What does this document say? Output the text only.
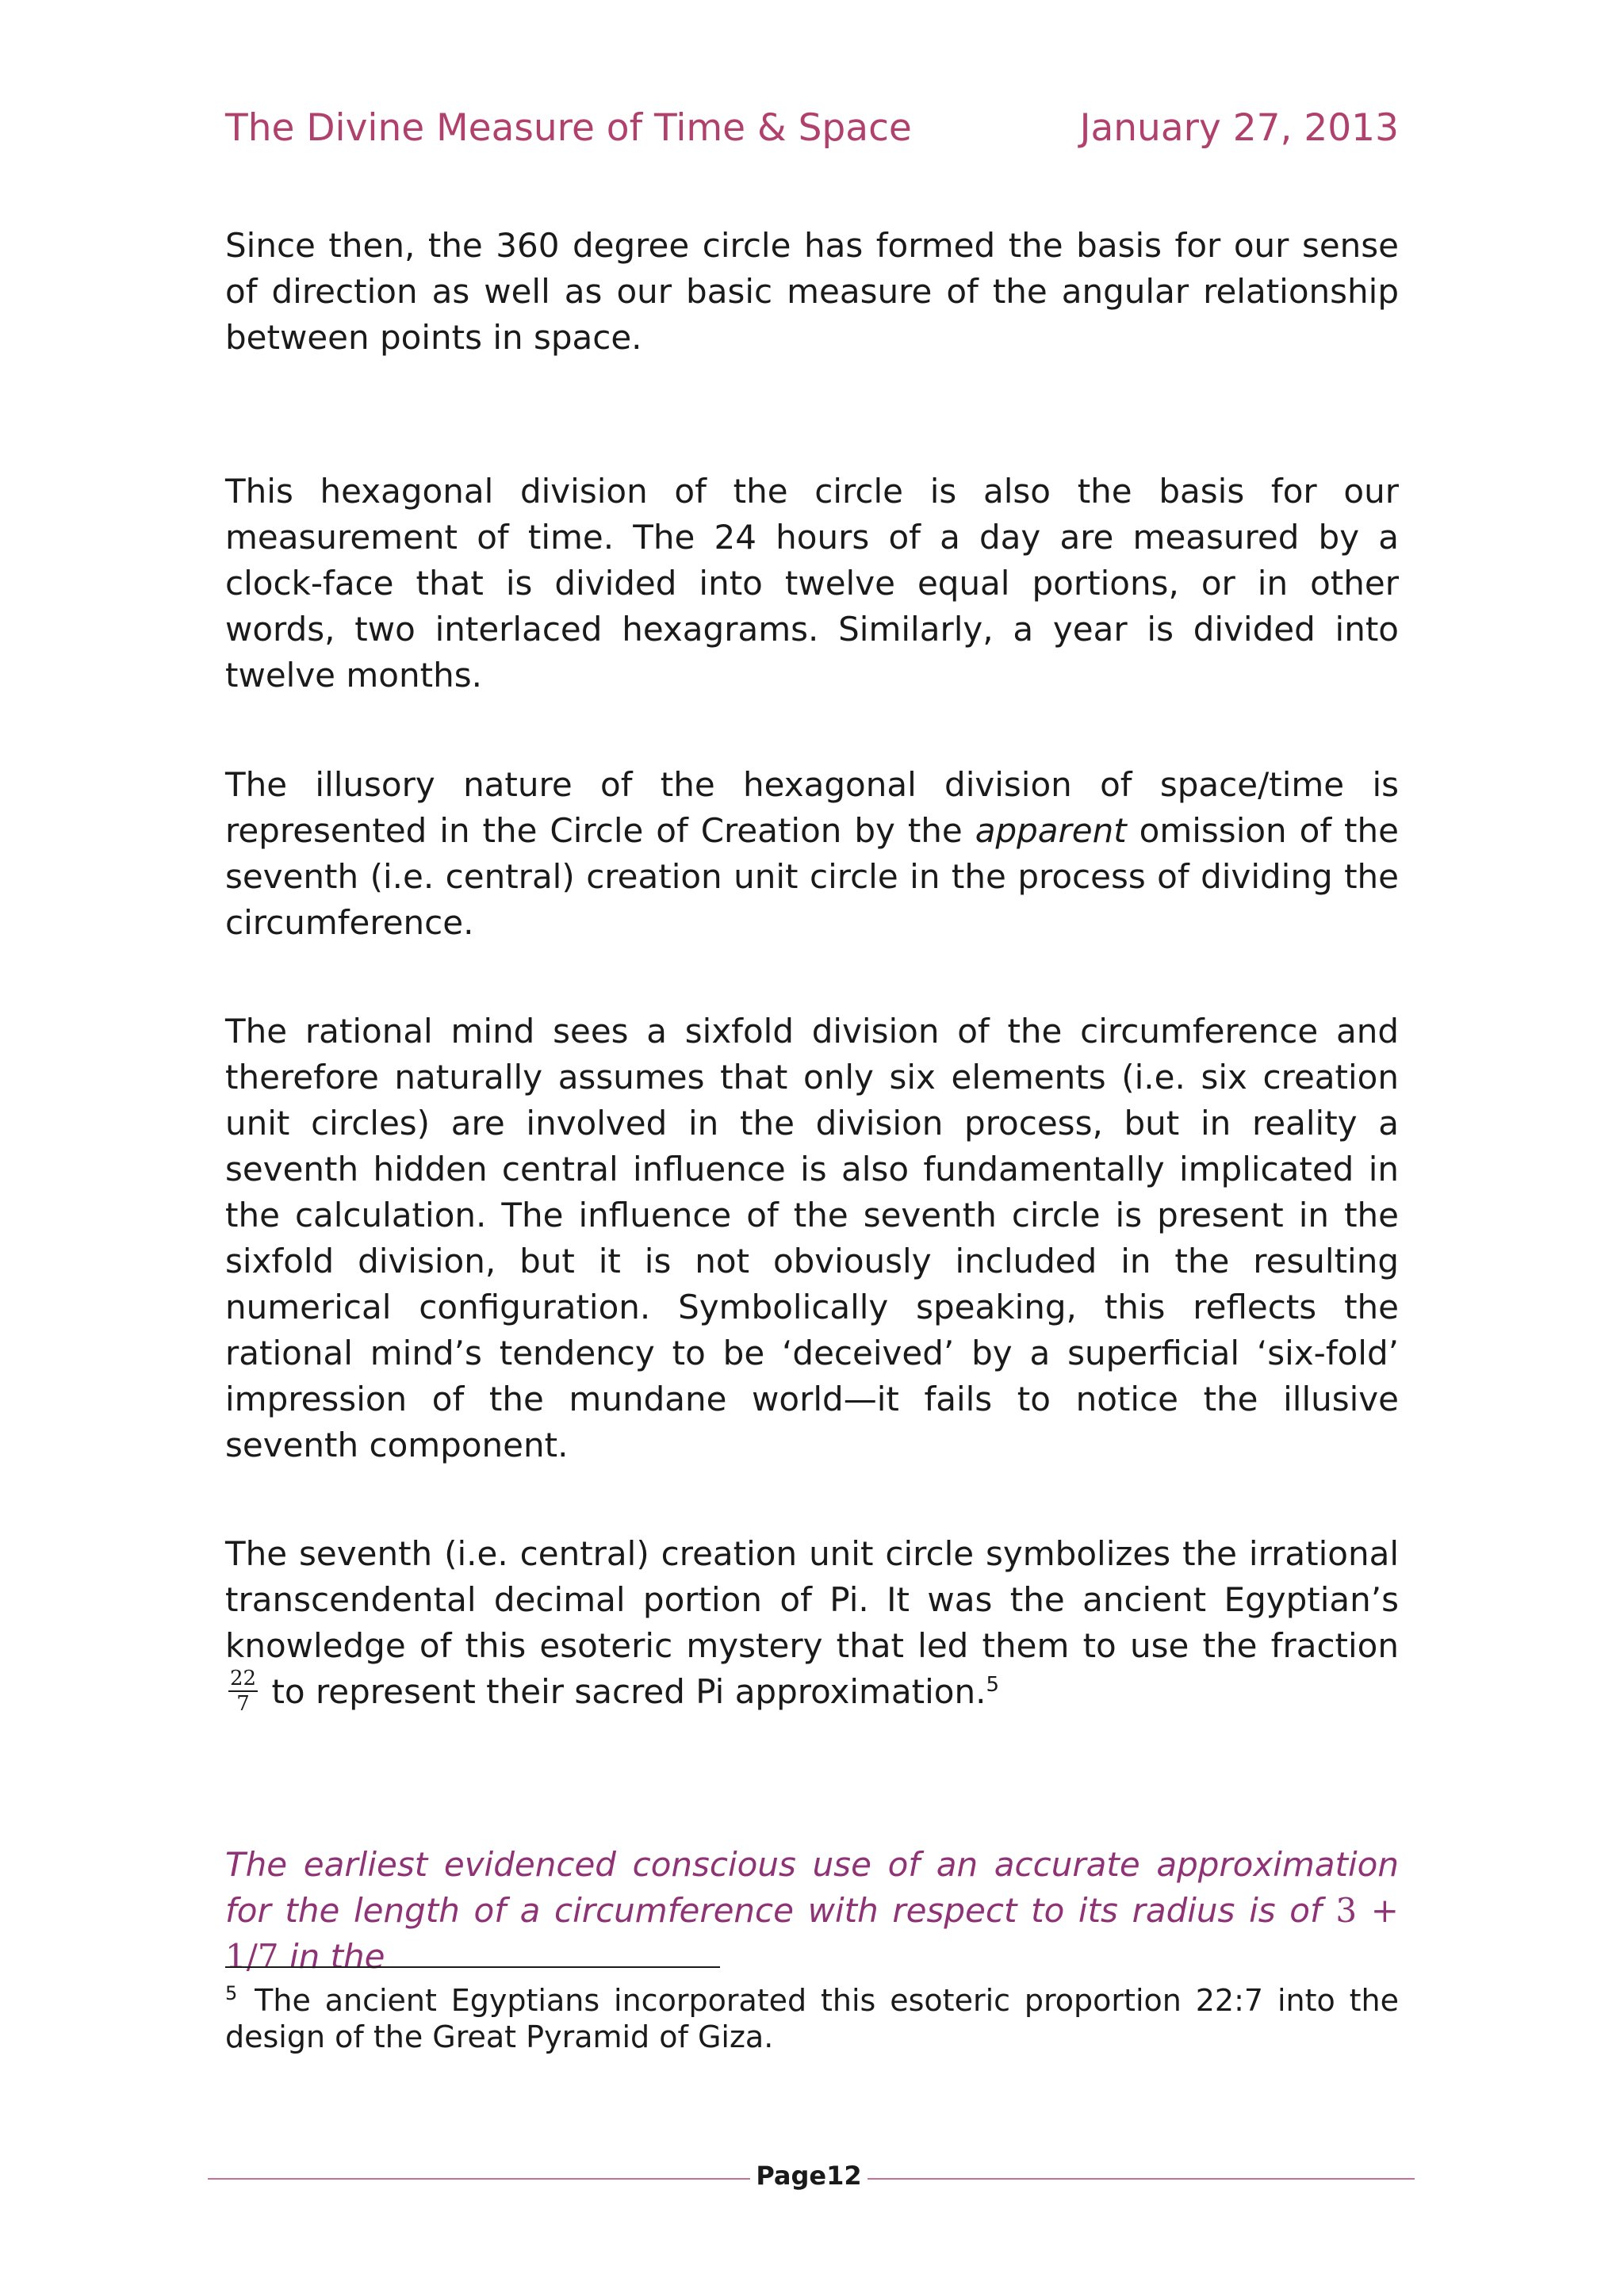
The Divine Measure of Time & Space	January 27, 2013

Since then, the 360 degree circle has formed the basis for our sense of direction as well as our basic measure of the angular relationship between points in space.

This hexagonal division of the circle is also the basis for our measurement of time. The 24 hours of a day are measured by a clock-face that is divided into twelve equal portions, or in other words, two interlaced hexagrams. Similarly, a year is divided into twelve months.

The illusory nature of the hexagonal division of space/time is represented in the Circle of Creation by the apparent omission of the seventh (i.e. central) creation unit circle in the process of dividing the circumference.

The rational mind sees a sixfold division of the circumference and therefore naturally assumes that only six elements (i.e. six creation unit circles) are involved in the division process, but in reality a seventh hidden central influence is also fundamentally implicated in the calculation. The influence of the seventh circle is present in the sixfold division, but it is not obviously included in the resulting numerical configuration. Symbolically speaking, this reflects the rational mind’s tendency to be ‘deceived’ by a superficial ‘six-fold’ impression of the mundane world—it fails to notice the illusive seventh component.

The seventh (i.e. central) creation unit circle symbolizes the irrational transcendental decimal portion of Pi. It was the ancient Egyptian’s knowledge of this esoteric mystery that led them to use the fraction
$\frac{22}{7}$ to represent their sacred Pi approximation.$^5$

The earliest evidenced conscious use of an accurate approximation for the length of a circumference with respect to its radius is of 3 + 1/7 in the

$^5$ The ancient Egyptians incorporated this esoteric proportion 22:7 into the design of the Great Pyramid of Giza.
Page12
